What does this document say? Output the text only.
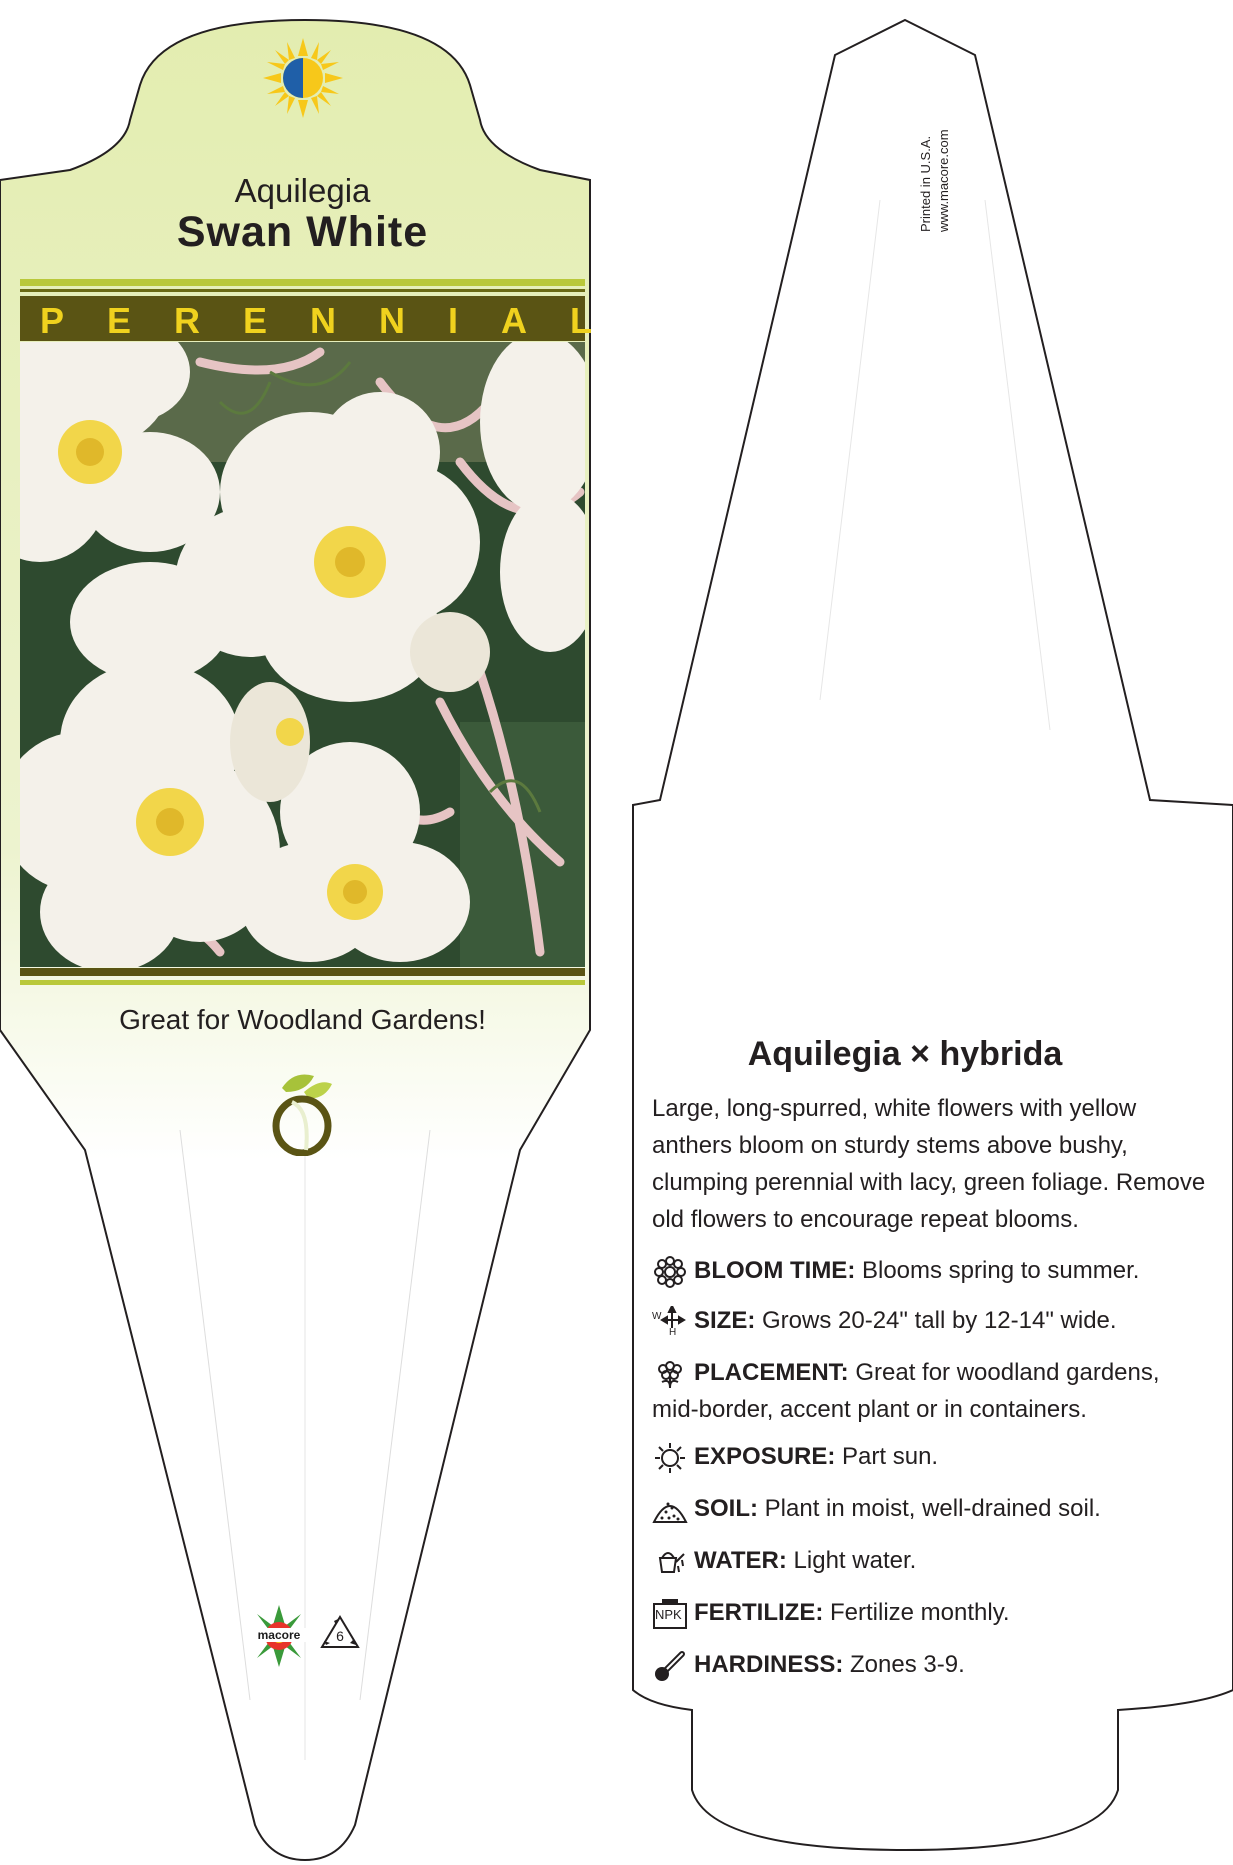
Aquilegia
Swan White
PERENNIAL
Great for Woodland Gardens!
macore	6
Printed in U.S.A. www.macore.com
Aquilegia × hybrida
Large, long-spurred, white flowers with yellow anthers bloom on sturdy stems above bushy, clumping perennial with lacy, green foliage. Remove old flowers to encourage repeat blooms.
BLOOM TIME: Blooms spring to summer.
W
H SIZE: Grows 20-24" tall by 12-14" wide.
PLACEMENT: Great for woodland gardens, mid-border, accent plant or in containers.
EXPOSURE: Part sun.
SOIL: Plant in moist, well-drained soil.
WATER: Light water.
NPK FERTILIZE: Fertilize monthly.
HARDINESS: Zones 3-9.
